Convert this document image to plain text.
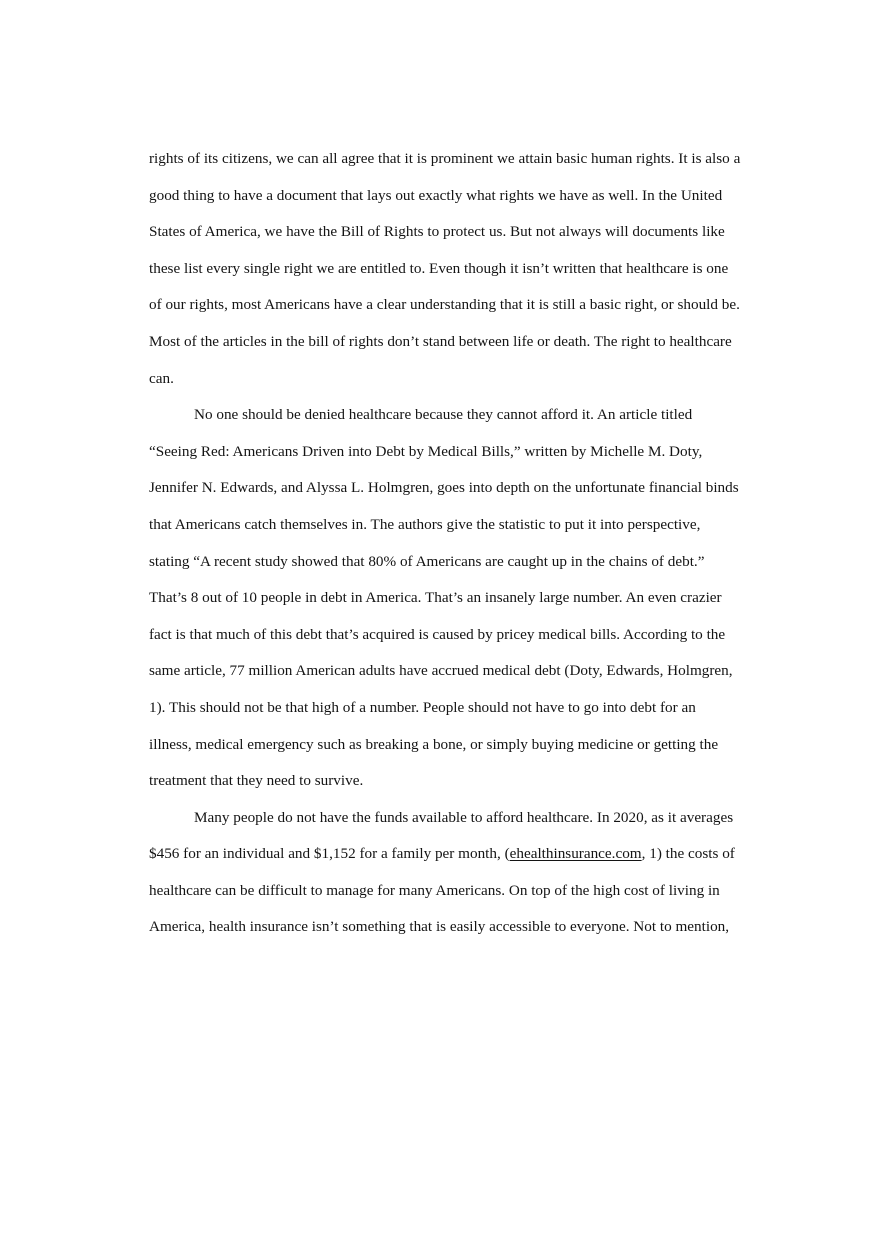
rights of its citizens, we can all agree that it is prominent we attain basic human rights. It is also a
good thing to have a document that lays out exactly what rights we have as well. In the United
States of America, we have the Bill of Rights to protect us. But not always will documents like
these list every single right we are entitled to. Even though it isn’t written that healthcare is one
of our rights, most Americans have a clear understanding that it is still a basic right, or should be.
Most of the articles in the bill of rights don’t stand between life or death. The right to healthcare
can.
No one should be denied healthcare because they cannot afford it. An article titled
“Seeing Red: Americans Driven into Debt by Medical Bills,” written by Michelle M. Doty,
Jennifer N. Edwards, and Alyssa L. Holmgren, goes into depth on the unfortunate financial binds
that Americans catch themselves in. The authors give the statistic to put it into perspective,
stating “A recent study showed that 80% of Americans are caught up in the chains of debt.”
That’s 8 out of 10 people in debt in America. That’s an insanely large number. An even crazier
fact is that much of this debt that’s acquired is caused by pricey medical bills. According to the
same article, 77 million American adults have accrued medical debt (Doty, Edwards, Holmgren,
1). This should not be that high of a number. People should not have to go into debt for an
illness, medical emergency such as breaking a bone, or simply buying medicine or getting the
treatment that they need to survive.
Many people do not have the funds available to afford healthcare. In 2020, as it averages
$456 for an individual and $1,152 for a family per month, (ehealthinsurance.com, 1) the costs of
healthcare can be difficult to manage for many Americans. On top of the high cost of living in
America, health insurance isn’t something that is easily accessible to everyone. Not to mention,
